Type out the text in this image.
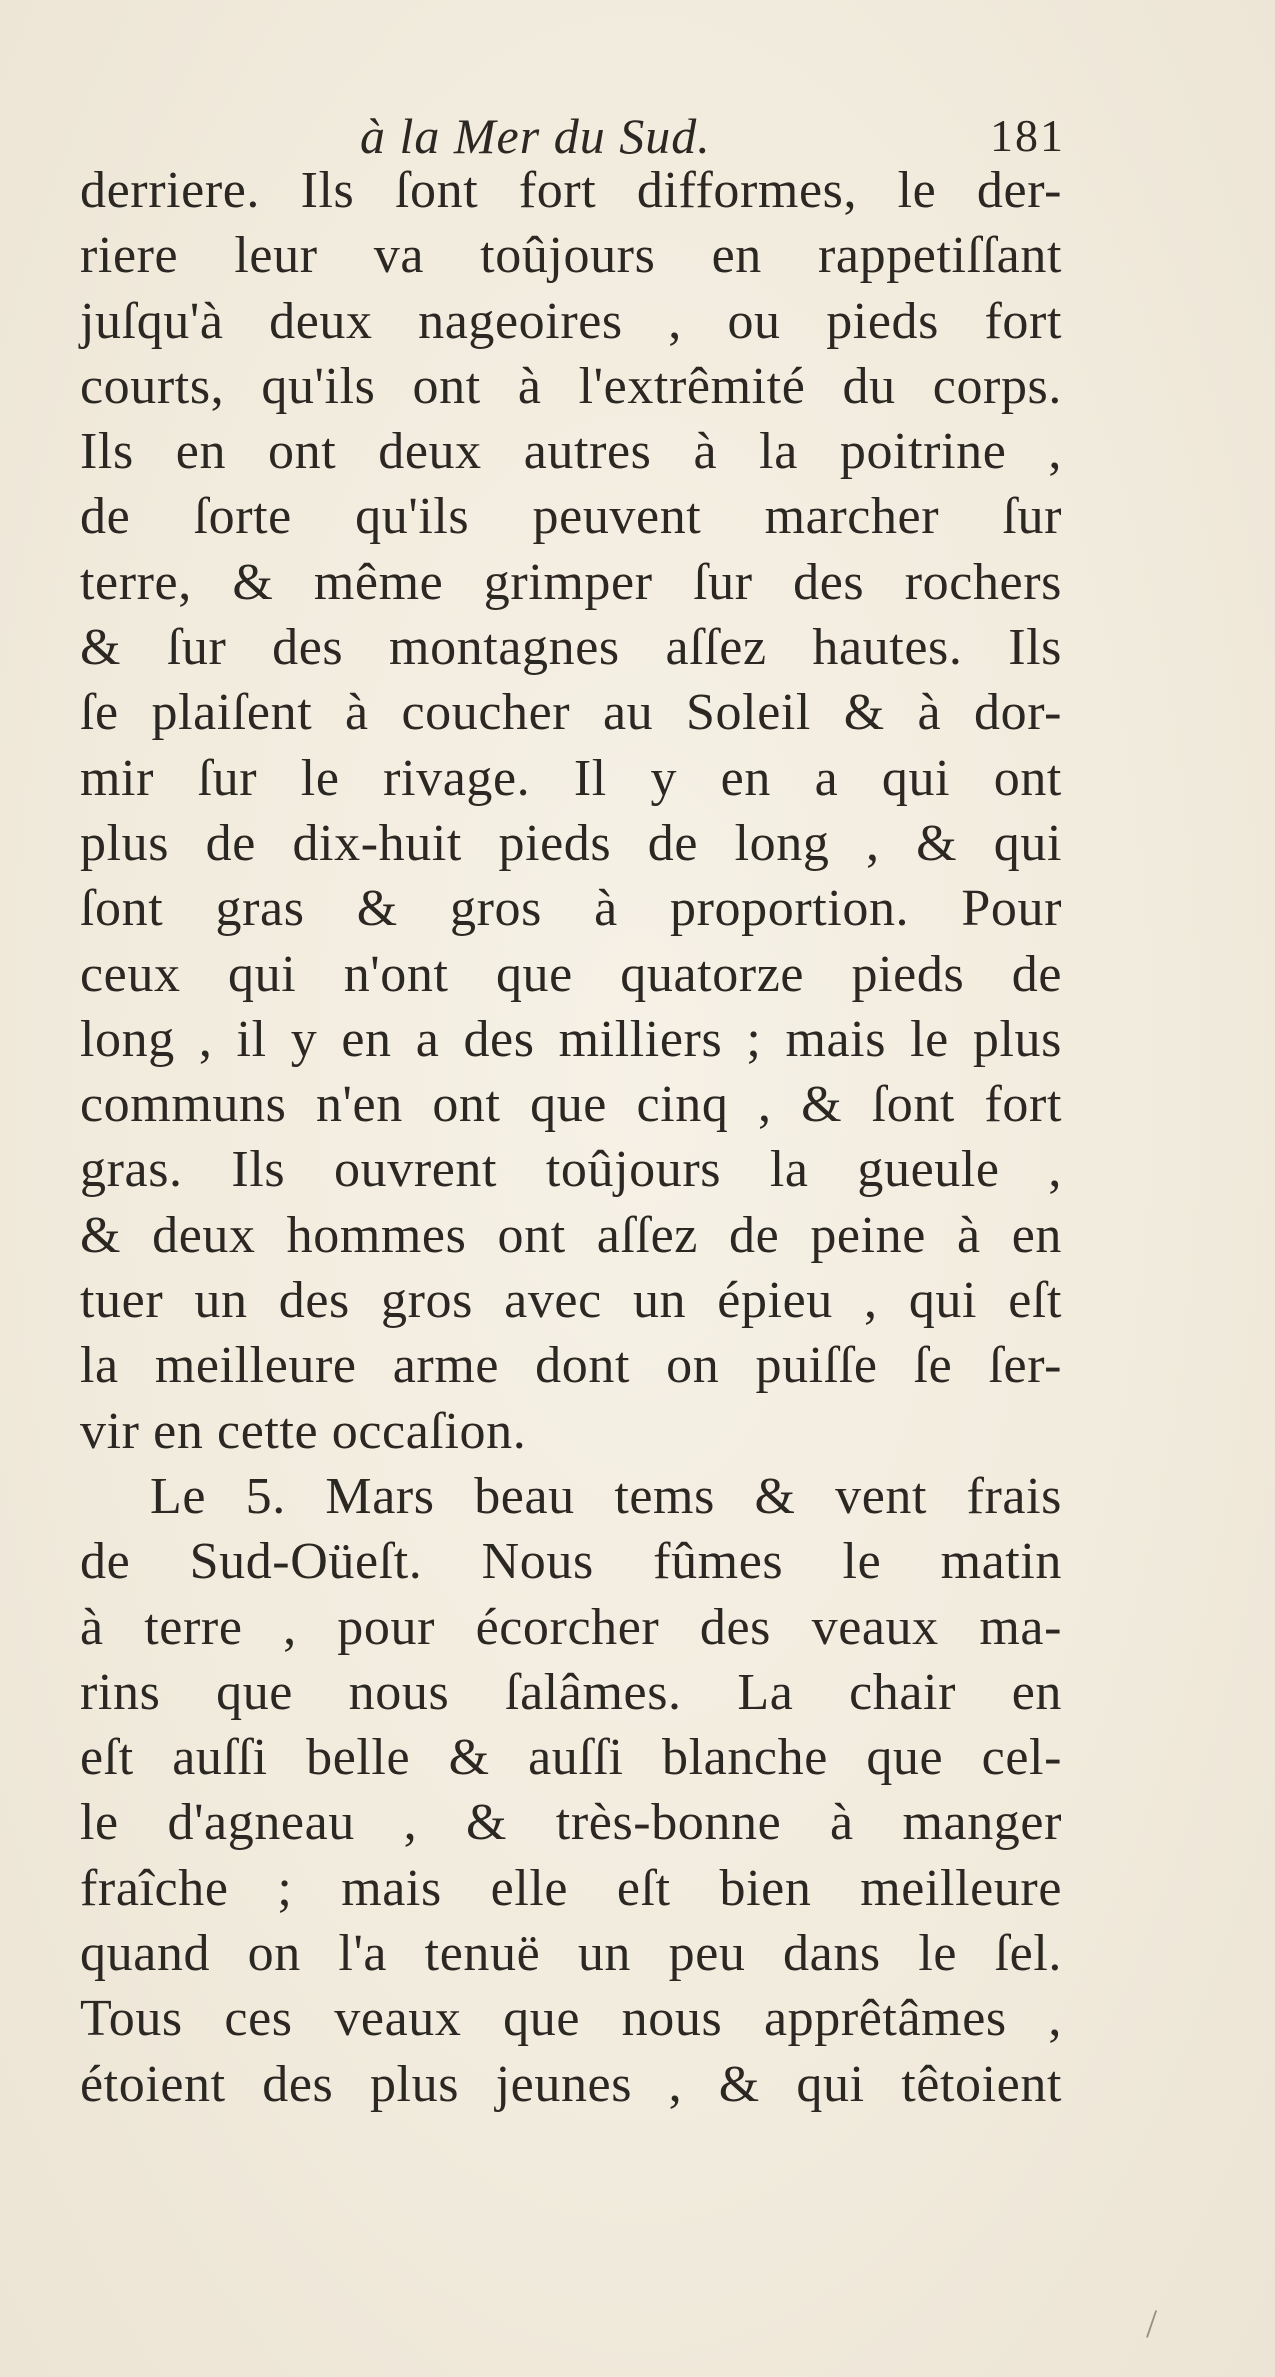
à la Mer du Sud.	181
derriere. Ils ſont fort difformes, le der-
riere leur va toûjours en rappetiſſant
juſqu'à deux nageoires , ou pieds fort
courts, qu'ils ont à l'extrêmité du corps.
Ils en ont deux autres à la poitrine ,
de ſorte qu'ils peuvent marcher ſur
terre, & même grimper ſur des rochers
& ſur des montagnes aſſez hautes. Ils
ſe plaiſent à coucher au Soleil & à dor-
mir ſur le rivage. Il y en a qui ont
plus de dix-huit pieds de long , & qui
ſont gras & gros à proportion. Pour
ceux qui n'ont que quatorze pieds de
long , il y en a des milliers ; mais le plus
communs n'en ont que cinq , & ſont fort
gras. Ils ouvrent toûjours la gueule ,
& deux hommes ont aſſez de peine à en
tuer un des gros avec un épieu , qui eſt
la meilleure arme dont on puiſſe ſe ſer-
vir en cette occaſion.
Le 5. Mars beau tems & vent frais
de Sud-Oüeſt. Nous fûmes le matin
à terre , pour écorcher des veaux ma-
rins que nous ſalâmes. La chair en
eſt auſſi belle & auſſi blanche que cel-
le d'agneau , & très-bonne à manger
fraîche ; mais elle eſt bien meilleure
quand on l'a tenuë un peu dans le ſel.
Tous ces veaux que nous apprêtâmes ,
étoient des plus jeunes , & qui têtoient
/
